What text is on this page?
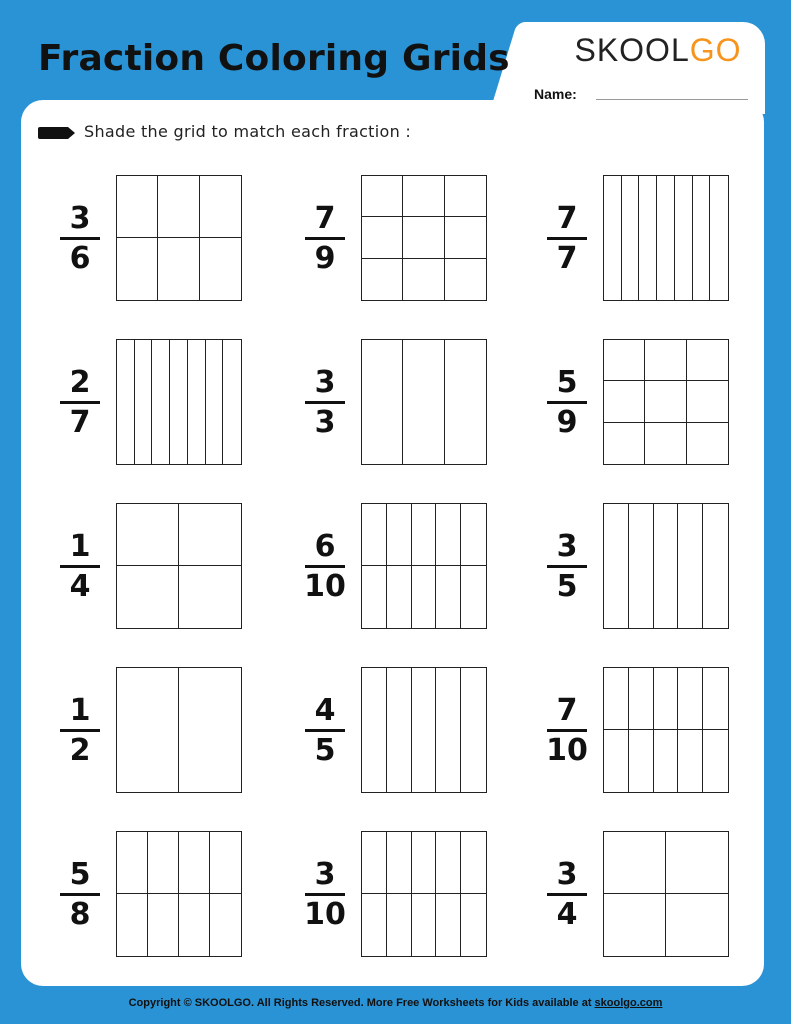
Fraction Coloring Grids SKOOLGO
Name:
Shade the grid to match each fraction :
3
6
7
9
7
7
2
7
3
3
5
9
1
4
6
10
3
5
1
2
4
5
7
10
5
8
3
10
3
4
Copyright © SKOOLGO. All Rights Reserved. More Free Worksheets for Kids available at skoolgo.com
